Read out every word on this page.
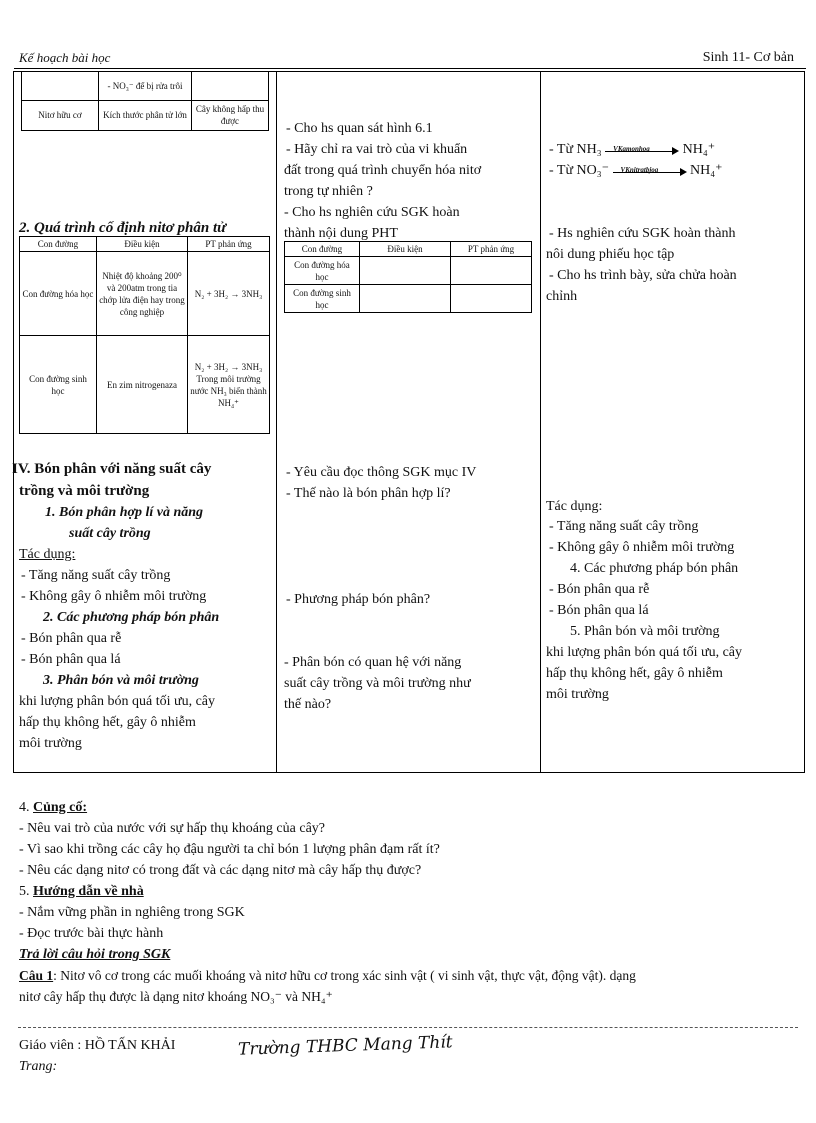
Kế hoạch bài học	Sinh 11- Cơ bản
	- NO₃⁻ để bị rửa trôi	
Nitơ hữu cơ	Kích thước phân tử lớn	Cây không hấp thu được
2. Quá trình cố định nitơ phân tử
Con đường	Điều kiện	PT phản ứng
Con đường hóa học	Nhiệt độ khoảng 200⁰ và 200atm trong tia chớp lửa điện hay trong công nghiệp	N₂ + 3H₂ → 3NH₃
Con đường sinh học	En zim nitrogenaza	N₂ + 3H₂ → 3NH₃ Trong môi trường nước NH₃ biến thành NH₄⁺
IV. Bón phân với năng suất cây
trồng và môi trường
1. Bón phân hợp lí và năng
suất cây trồng
Tác dụng:
- Tăng năng suất cây trồng
- Không gây ô nhiễm môi trường
2. Các phương pháp bón phân
- Bón phân qua rễ
- Bón phân qua lá
3. Phân bón và môi trường
khi lượng phân bón quá tối ưu, cây
hấp thụ không hết, gây ô nhiễm
môi trường
- Cho hs quan sát hình 6.1
- Hãy chỉ ra vai trò của vi khuẩn
đất trong quá trình chuyển hóa nitơ
trong tự nhiên ?
- Cho hs nghiên cứu SGK hoàn
thành nội dung PHT
Con đường	Điều kiện	PT phản ứng
Con đường hóa học		
Con đường sinh học		
- Yêu cầu đọc thông SGK mục IV
- Thế nào là bón phân hợp lí?
- Phương pháp bón phân?
- Phân bón có quan hệ với năng
suất cây trồng và môi trường như
thế nào?
- Từ NH₃ VKamonhoa NH₄⁺
- Từ NO₃⁻ VKnitratbjoa NH₄⁺
- Hs nghiên cứu SGK hoàn thành
nôi dung phiếu học tập
- Cho hs trình bày, sửa chửa hoàn
chỉnh
Tác dụng:
- Tăng năng suất cây trồng
- Không gây ô nhiễm môi trường
4. Các phương pháp bón phân
- Bón phân qua rễ
- Bón phân qua lá
5. Phân bón và môi trường
khi lượng phân bón quá tối ưu, cây
hấp thụ không hết, gây ô nhiễm
môi trường
4. Củng cố:
- Nêu vai trò của nước với sự hấp thụ khoáng của cây?
- Vì sao khi trồng các cây họ đậu người ta chỉ bón 1 lượng phân đạm rất ít?
- Nêu các dạng nitơ có trong đất và các dạng nitơ mà cây hấp thụ được?
5. Hướng dẫn về nhà
- Nắm vững phần in nghiêng trong SGK
- Đọc trước bài thực hành
Trả lời câu hỏi trong SGK
Câu 1: Nitơ vô cơ trong các muối khoáng và nitơ hữu cơ trong xác sinh vật ( vi sinh vật, thực vật, động vật). dạng
nitơ cây hấp thụ được là dạng nitơ khoáng NO₃⁻ và NH₄⁺
Giáo viên : HỒ TẤN KHẢI
Trang:
Trường THBC Mang Thít
